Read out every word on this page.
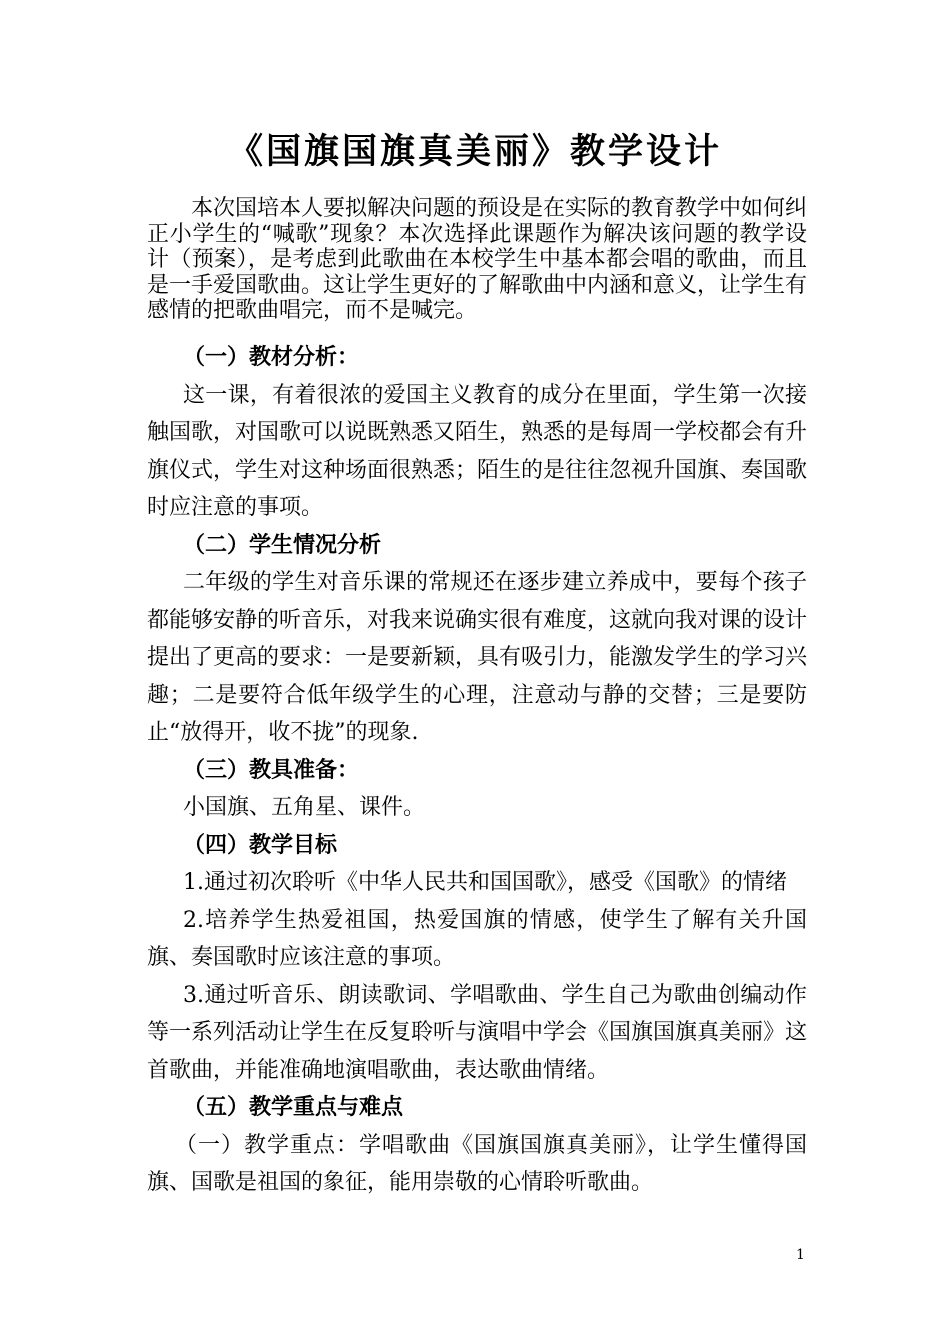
《国旗国旗真美丽》教学设计

本次国培本人要拟解决问题的预设是在实际的教育教学中如何纠正小学生的“喊歌”现象？本次选择此课题作为解决该问题的教学设计（预案），是考虑到此歌曲在本校学生中基本都会唱的歌曲，而且是一手爱国歌曲。这让学生更好的了解歌曲中内涵和意义，让学生有感情的把歌曲唱完，而不是喊完。

（一）教材分析：

这一课，有着很浓的爱国主义教育的成分在里面，学生第一次接触国歌，对国歌可以说既熟悉又陌生，熟悉的是每周一学校都会有升旗仪式，学生对这种场面很熟悉；陌生的是往往忽视升国旗、奏国歌时应注意的事项。

（二）学生情况分析

二年级的学生对音乐课的常规还在逐步建立养成中，要每个孩子都能够安静的听音乐，对我来说确实很有难度，这就向我对课的设计提出了更高的要求：一是要新颖，具有吸引力，能激发学生的学习兴趣；二是要符合低年级学生的心理，注意动与静的交替；三是要防止“放得开，收不拢”的现象.

（三）教具准备：

小国旗、五角星、课件。

（四）教学目标

1.通过初次聆听《中华人民共和国国歌》，感受《国歌》的情绪

2.培养学生热爱祖国，热爱国旗的情感，使学生了解有关升国旗、奏国歌时应该注意的事项。

3.通过听音乐、朗读歌词、学唱歌曲、学生自己为歌曲创编动作等一系列活动让学生在反复聆听与演唱中学会《国旗国旗真美丽》这首歌曲，并能准确地演唱歌曲，表达歌曲情绪。

（五）教学重点与难点

（一）教学重点：学唱歌曲《国旗国旗真美丽》，让学生懂得国旗、国歌是祖国的象征，能用崇敬的心情聆听歌曲。

1
